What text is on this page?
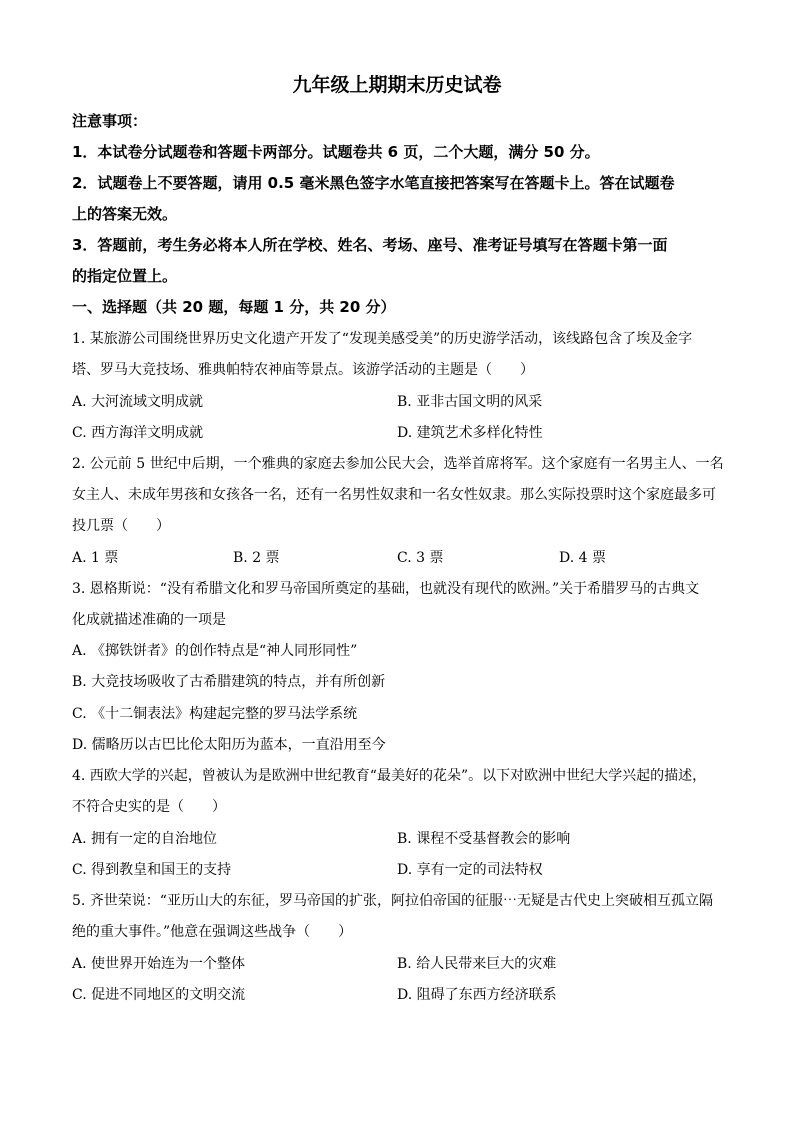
九年级上期期末历史试卷
注意事项：
1．本试卷分试题卷和答题卡两部分。试题卷共 6 页，二个大题，满分 50 分。
2．试题卷上不要答题，请用 0.5 毫米黑色签字水笔直接把答案写在答题卡上。答在试题卷
上的答案无效。
3．答题前，考生务必将本人所在学校、姓名、考场、座号、准考证号填写在答题卡第一面
的指定位置上。
一、选择题（共 20 题，每题 1 分，共 20 分）
1. 某旅游公司围绕世界历史文化遗产开发了“发现美感受美”的历史游学活动，该线路包含了埃及金字
塔、罗马大竞技场、雅典帕特农神庙等景点。该游学活动的主题是（　　）
A. 大河流域文明成就	B. 亚非古国文明的风采
C. 西方海洋文明成就	D. 建筑艺术多样化特性
2. 公元前 5 世纪中后期，一个雅典的家庭去参加公民大会，选举首席将军。这个家庭有一名男主人、一名
女主人、未成年男孩和女孩各一名，还有一名男性奴隶和一名女性奴隶。那么实际投票时这个家庭最多可
投几票（　　）
A. 1 票	B. 2 票	C. 3 票	D. 4 票
3. 恩格斯说：“没有希腊文化和罗马帝国所奠定的基础，也就没有现代的欧洲。”关于希腊罗马的古典文
化成就描述准确的一项是
A. 《掷铁饼者》的创作特点是“神人同形同性”
B. 大竞技场吸收了古希腊建筑的特点，并有所创新
C. 《十二铜表法》构建起完整的罗马法学系统
D. 儒略历以古巴比伦太阳历为蓝本，一直沿用至今
4. 西欧大学的兴起，曾被认为是欧洲中世纪教育“最美好的花朵”。以下对欧洲中世纪大学兴起的描述，
不符合史实的是（　　）
A. 拥有一定的自治地位	B. 课程不受基督教会的影响
C. 得到教皇和国王的支持	D. 享有一定的司法特权
5. 齐世荣说：“亚历山大的东征，罗马帝国的扩张，阿拉伯帝国的征服⋯无疑是古代史上突破相互孤立隔
绝的重大事件。”他意在强调这些战争（　　）
A. 使世界开始连为一个整体	B. 给人民带来巨大的灾难
C. 促进不同地区的文明交流	D. 阻碍了东西方经济联系
